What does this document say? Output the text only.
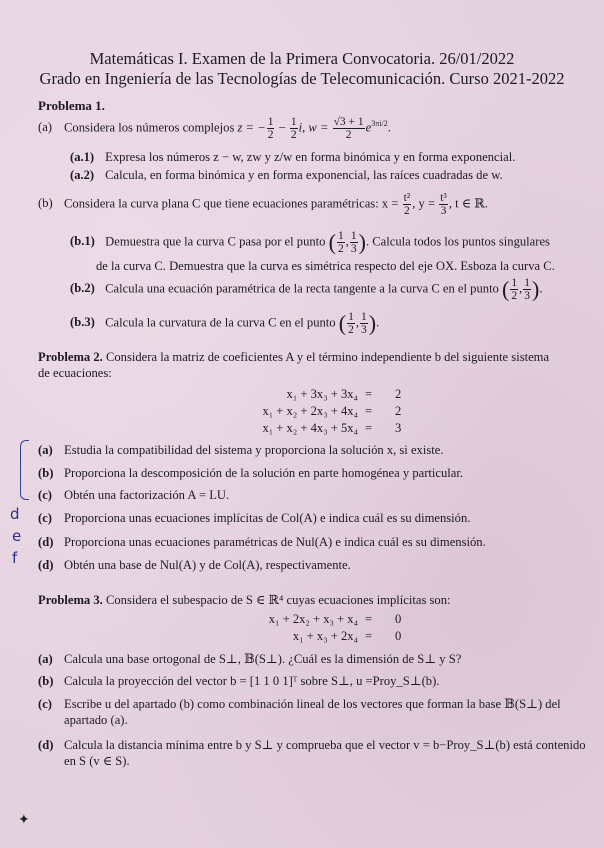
Matemáticas I. Examen de la Primera Convocatoria. 26/01/2022
Grado en Ingeniería de las Tecnologías de Telecomunicación. Curso 2021-2022
Problema 1.
(a) Considera los números complejos z = − $\frac{1}{2} - \frac{1}{2} i$, $w = \frac{√3 + 1}{2} e^{3\pi i/2}$.
(a.1) Expresa los números z − w, zw y z/w en forma binómica y en forma exponencial.
(a.2) Calcula, en forma binómica y en forma exponencial, las raíces cuadradas de w.
(b) Considera la curva plana C que tiene ecuaciones paramétricas: $x = \frac{\text{t²}}{2}$ , $y = \frac{\text{t³}}{3}$ , t ∈ ℝ.
(b.1) Demuestra que la curva C pasa por el punto ( $\frac{1}{2}$ , $\frac{1}{3}$ ). Calcula todos los puntos singulares
de la curva C. Demuestra que la curva es simétrica respecto del eje OX. Esboza la curva C.
(b.2) Calcula una ecuación paramétrica de la recta tangente a la curva C en el punto ( $\frac{1}{2}$ , $\frac{1}{3}$ ).
(b.3) Calcula la curvatura de la curva C en el punto ( $\frac{1}{2}$ , $\frac{1}{3}$ ).
Problema 2. Considera la matriz de coeficientes A y el término independiente b del siguiente sistema
de ecuaciones:
x₁ + 3x₃ + 3x₄ = 2
x₁ + x₂ + 2x₃ + 4x₄ = 2
x₁ + x₂ + 4x₃ + 5x₄ = 3
(a) Estudia la compatibilidad del sistema y proporciona la solución x, si existe.
(b) Proporciona la descomposición de la solución en parte homogénea y particular.
(c) Obtén una factorización A = LU.
(c) Proporciona unas ecuaciones implícitas de Col(A) e indica cuál es su dimensión.
(d) Proporciona unas ecuaciones paramétricas de Nul(A) e indica cuál es su dimensión.
(d) Obtén una base de Nul(A) y de Col(A), respectivamente.
d
e
f
Problema 3. Considera el subespacio de S ∈ ℝ⁴ cuyas ecuaciones implícitas son:
x₁ + 2x₂ + x₃ + x₄ = 0
x₁ + x₃ + 2x₄ = 0
(a) Calcula una base ortogonal de S⊥, 𝔹(S⊥). ¿Cuál es la dimensión de S⊥ y S?
(b) Calcula la proyección del vector b = [1 1 0 1]ᵀ sobre S⊥, u =Proy_S⊥(b).
(c) Escribe u del apartado (b) como combinación lineal de los vectores que forman la base 𝔹(S⊥) del
apartado (a).
(d) Calcula la distancia mínima entre b y S⊥ y comprueba que el vector v = b−Proy_S⊥(b) está contenido
en S (v ∈ S).
✦
